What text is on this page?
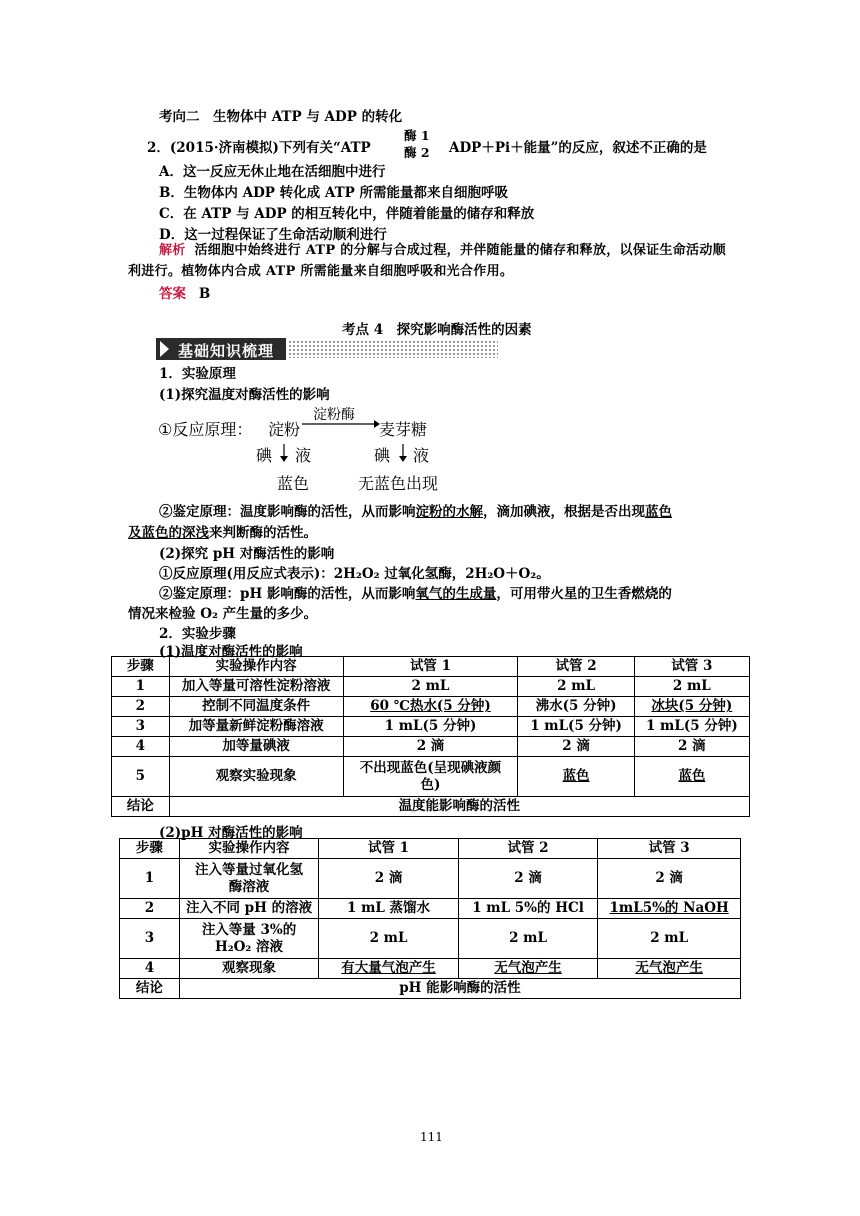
考向二　生物体中 ATP 与 ADP 的转化
2．(2015·济南模拟)下列有关“ATP
酶 1
酶 2 ADP＋Pi＋能量”的反应，叙述不正确的是
A．这一反应无休止地在活细胞中进行
B．生物体内 ADP 转化成 ATP 所需能量都来自细胞呼吸
C．在 ATP 与 ADP 的相互转化中，伴随着能量的储存和释放
D．这一过程保证了生命活动顺利进行
解析 活细胞中始终进行 ATP 的分解与合成过程，并伴随能量的储存和释放，以保证生命活动顺利进行。植物体内合成 ATP 所需能量来自细胞呼吸和光合作用。
答案 B
考点 4　探究影响酶活性的因素
基础知识梳理
1．实验原理
(1)探究温度对酶活性的影响
①反应原理： 淀粉
淀粉酶
麦芽糖
碘 液	碘 液
蓝色	无蓝色出现
②鉴定原理：温度影响酶的活性，从而影响淀粉的水解，滴加碘液，根据是否出现蓝色
及蓝色的深浅来判断酶的活性。
(2)探究 pH 对酶活性的影响
①反应原理(用反应式表示)：2H₂O₂ 过氧化氢酶，2H₂O＋O₂。
②鉴定原理：pH 影响酶的活性，从而影响氧气的生成量，可用带火星的卫生香燃烧的
情况来检验 O₂ 产生量的多少。
2．实验步骤
(1)温度对酶活性的影响
步骤	实验操作内容	试管 1	试管 2	试管 3
1	加入等量可溶性淀粉溶液	2 mL	2 mL	2 mL
2	控制不同温度条件	60 ℃热水(5 分钟)	沸水(5 分钟)	冰块(5 分钟)
3	加等量新鲜淀粉酶溶液	1 mL(5 分钟)	1 mL(5 分钟)	1 mL(5 分钟)
4	加等量碘液	2 滴	2 滴	2 滴
5	观察实验现象	不出现蓝色(呈现碘液颜色)	蓝色	蓝色
结论	温度能影响酶的活性			
(2)pH 对酶活性的影响
步骤	实验操作内容	试管 1	试管 2	试管 3
1	注入等量过氧化氢酶溶液	2 滴	2 滴	2 滴
2	注入不同 pH 的溶液	1 mL 蒸馏水	1 mL 5%的 HCl	1mL5%的 NaOH
3	注入等量 3%的 H₂O₂ 溶液	2 mL	2 mL	2 mL
4	观察现象	有大量气泡产生	无气泡产生	无气泡产生
结论	pH 能影响酶的活性			
111
